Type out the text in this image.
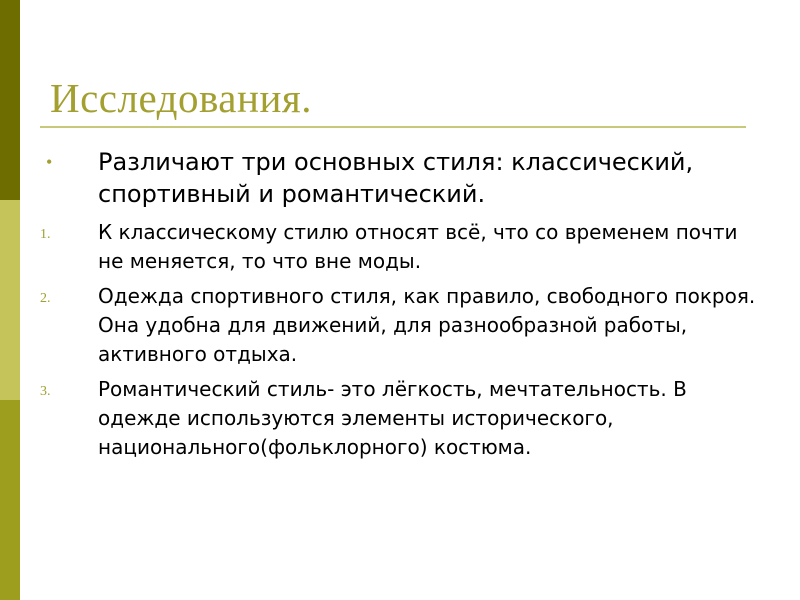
Исследования.
• Различают три основных стиля: классический, спортивный и романтический.
1. К классическому стилю относят всё, что со временем почти не меняется, то что вне моды.
2. Одежда спортивного стиля, как правило, свободного покроя. Она удобна для движений, для разнообразной работы, активного отдыха.
3. Романтический стиль- это лёгкость, мечтательность. В одежде используются элементы исторического, национального(фольклорного) костюма.
